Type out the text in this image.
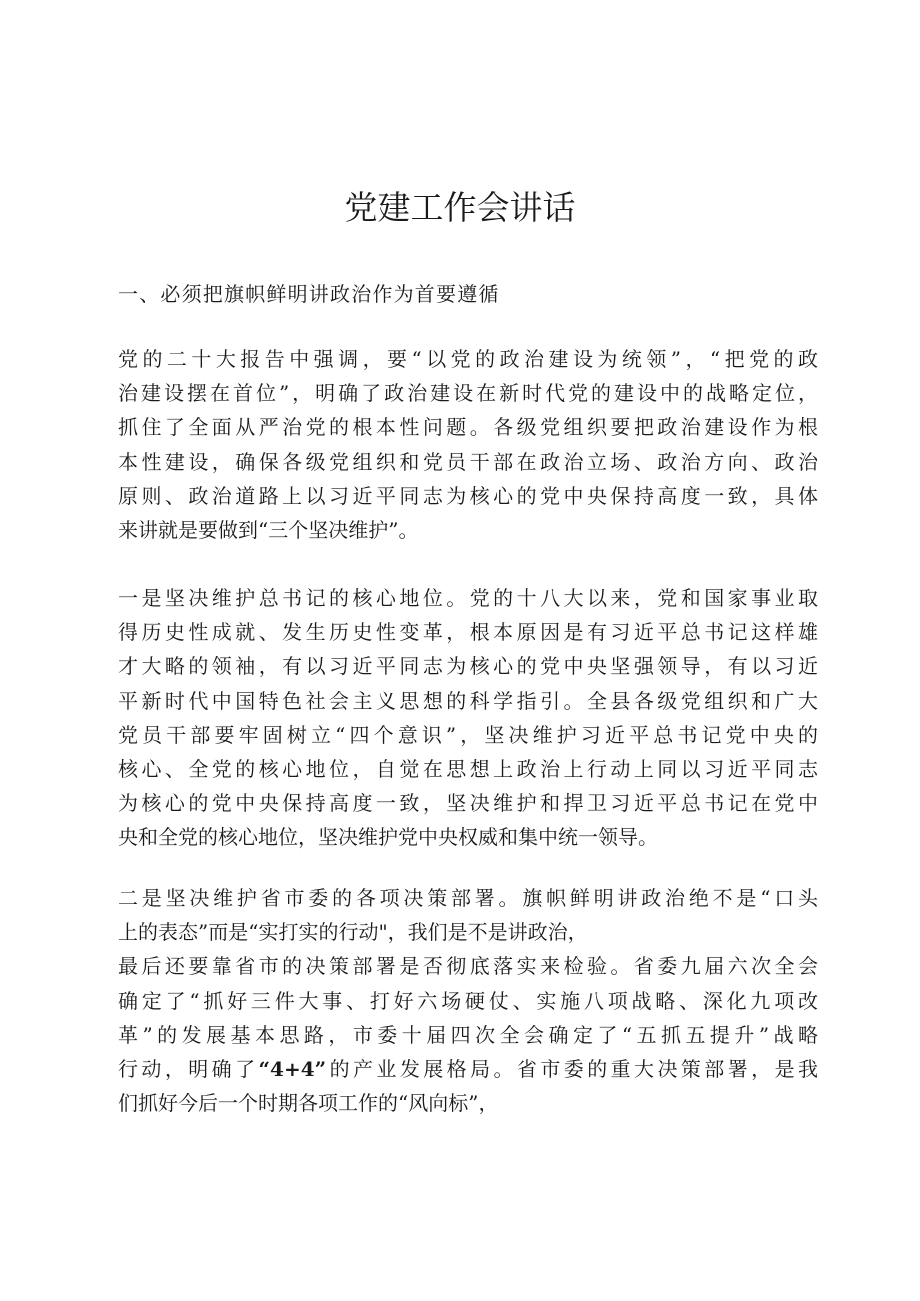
党建工作会讲话
一、必须把旗帜鲜明讲政治作为首要遵循

党的二十大报告中强调，要“以党的政治建设为统领”，“把党的政
治建设摆在首位”，明确了政治建设在新时代党的建设中的战略定位，
抓住了全面从严治党的根本性问题。各级党组织要把政治建设作为根
本性建设，确保各级党组织和党员干部在政治立场、政治方向、政治
原则、政治道路上以习近平同志为核心的党中央保持高度一致，具体
来讲就是要做到“三个坚决维护”。

一是坚决维护总书记的核心地位。党的十八大以来，党和国家事业取
得历史性成就、发生历史性变革，根本原因是有习近平总书记这样雄
才大略的领袖，有以习近平同志为核心的党中央坚强领导，有以习近
平新时代中国特色社会主义思想的科学指引。全县各级党组织和广大
党员干部要牢固树立“四个意识”，坚决维护习近平总书记党中央的
核心、全党的核心地位，自觉在思想上政治上行动上同以习近平同志
为核心的党中央保持高度一致，坚决维护和捍卫习近平总书记在党中
央和全党的核心地位，坚决维护党中央权威和集中统一领导。

二是坚决维护省市委的各项决策部署。旗帜鲜明讲政治绝不是“口头
上的表态”而是“实打实的行动"，我们是不是讲政治，
最后还要靠省市的决策部署是否彻底落实来检验。省委九届六次全会
确定了“抓好三件大事、打好六场硬仗、实施八项战略、深化九项改
革”的发展基本思路，市委十届四次全会确定了“五抓五提升”战略
行动，明确了“4+4”的产业发展格局。省市委的重大决策部署，是我
们抓好今后一个时期各项工作的“风向标”，
